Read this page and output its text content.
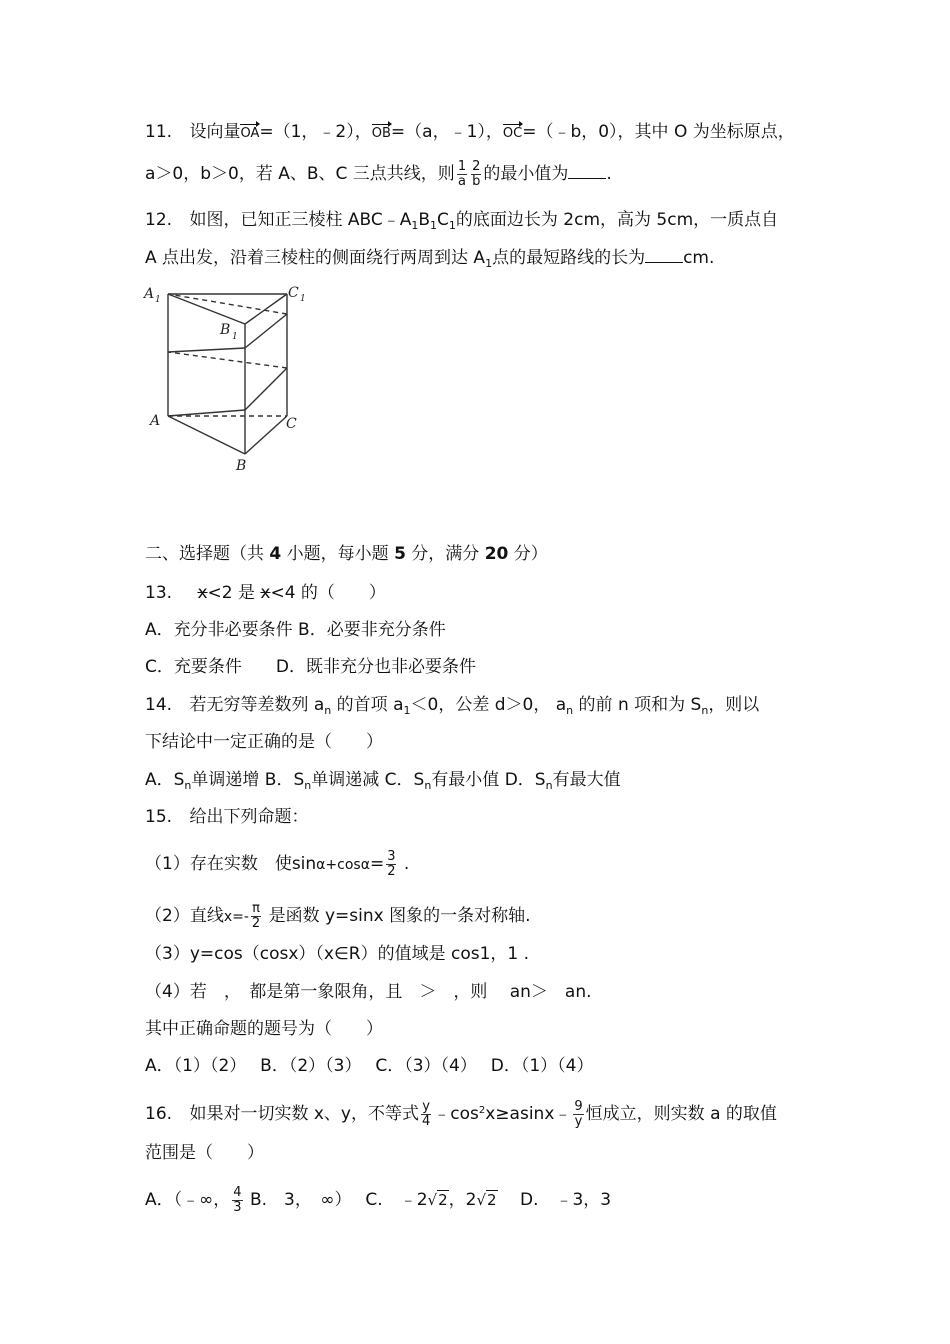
11. 设向量OA=（1，﹣2），OB=（a，﹣1），OC=（﹣b，0），其中 O 为坐标原点，
a＞0，b＞0，若 A、B、C 三点共线，则 $\frac{1}{a} \frac{2}{b}$ 的最小值为 .
12. 如图，已知正三棱柱 $ABC﹣A_1B_1C_1$的底面边长为 2cm，高为 5cm，一质点自
A 点出发，沿着三棱柱的侧面绕行两周到达 $A_1$点的最短路线的长为 cm.
A 1	C 1
B 1
A	C
B
二、选择题（共 4 小题，每小题 5 分，满分 20 分）
13. x<2 是 x<4 的（　　）
A．充分非必要条件 B．必要非充分条件
C．充要条件　　D．既非充分也非必要条件
14. 若无穷等差数列 $a_n$ 的首项 $a_1<0$，公差 d＞0， $a_n$ 的前 n 项和为 $S_n$，则以
下结论中一定正确的是（　　）
A．$S_n$单调递增 B．$S_n$单调递减 C．$S_n$有最小值 D．$S_n$有最大值
15. 给出下列命题：
（1）存在实数　使$\sin\alpha+\cos\alpha= \frac{3}{2}$ .
（2）直线$x=- \frac{\pi}{2}$ 是函数 y=sinx 图象的一条对称轴.
（3）y=cos（cosx）（x∈R）的值域是 cos1，1 .
（4）若　，　都是第一象限角，且　＞　，则　 an＞　an.
其中正确命题的题号为（　　）
A．（1）（2）　 B．（2）（3）　 C．（3）（4）　 D．（1）（4）
16. 如果对一切实数 x、y，不等式 $\frac{y}{4}$ $﹣\cos^2x\ge asinx﹣ \frac{9}{y}$ 恒成立，则实数 a 的取值
范围是（　　）
A．（﹣∞， $\frac{4}{3} B$.　3，　∞）　 C.　﹣2√2，2√2　 D.　﹣3，3
